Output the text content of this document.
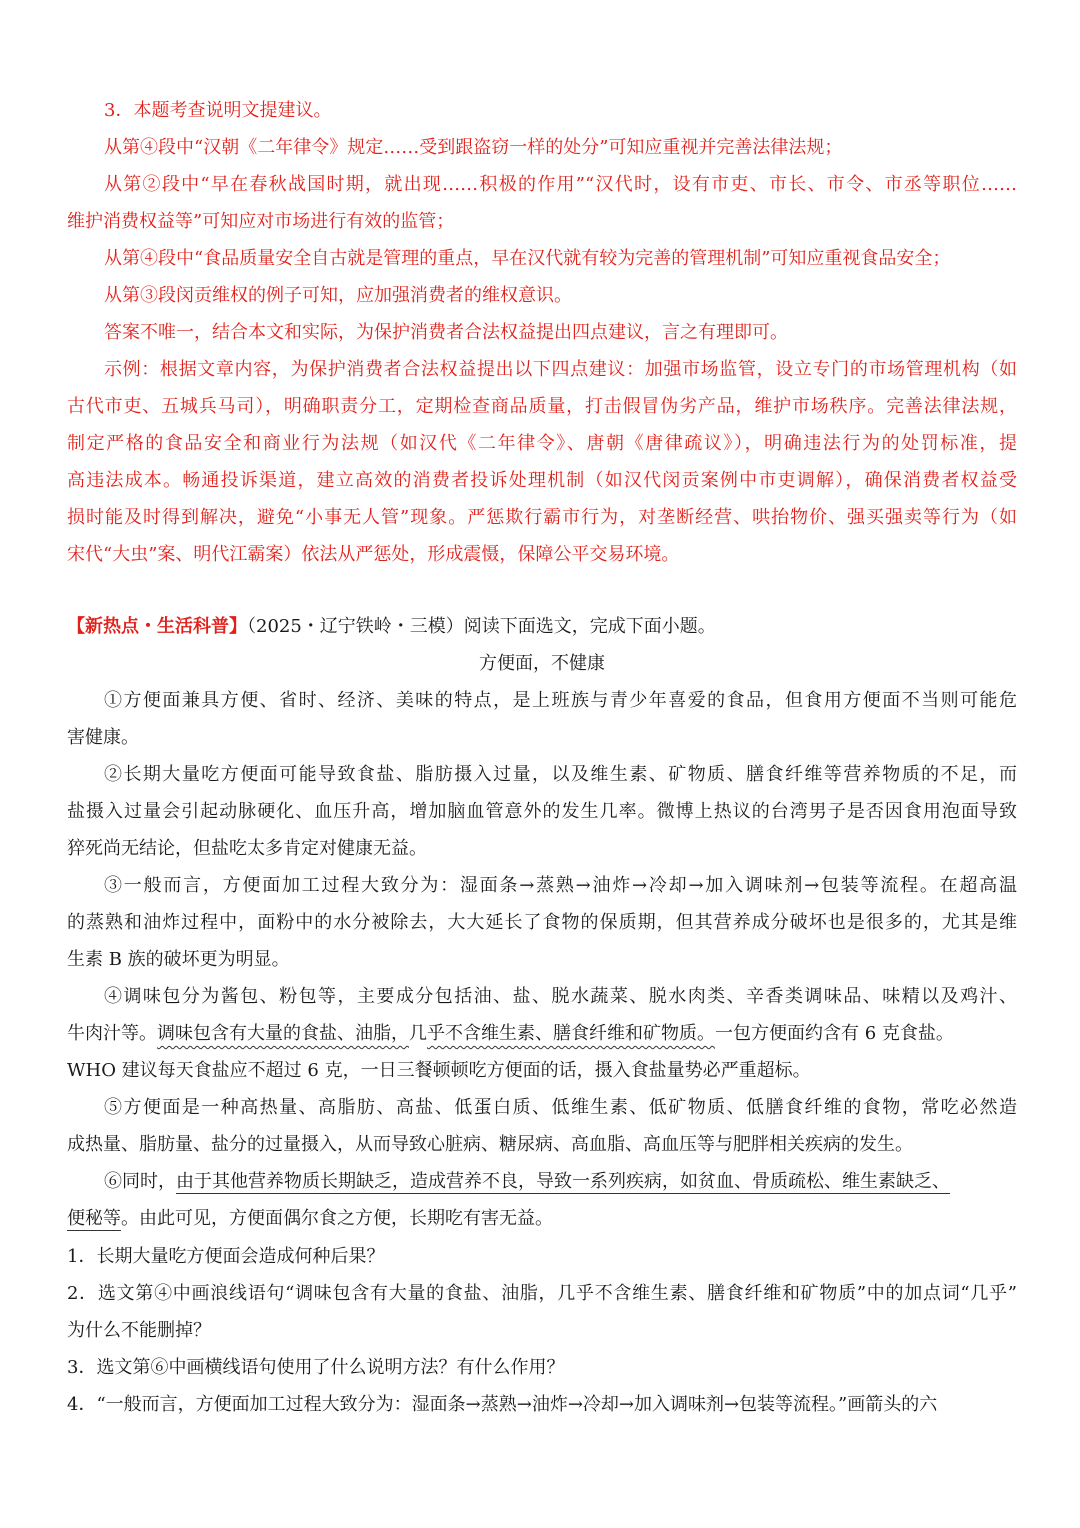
3．本题考查说明文提建议。
从第④段中“汉朝《二年律令》规定……受到跟盗窃一样的处分”可知应重视并完善法律法规；
从第②段中“早在春秋战国时期，就出现……积极的作用”“汉代时，设有市吏、市长、市令、市丞等职位……
维护消费权益等”可知应对市场进行有效的监管；
从第④段中“食品质量安全自古就是管理的重点，早在汉代就有较为完善的管理机制”可知应重视食品安全；
从第③段闵贡维权的例子可知，应加强消费者的维权意识。
答案不唯一，结合本文和实际，为保护消费者合法权益提出四点建议，言之有理即可。
示例：根据文章内容，为保护消费者合法权益提出以下四点建议：加强市场监管，设立专门的市场管理机构（如
古代市吏、五城兵马司），明确职责分工，定期检查商品质量，打击假冒伪劣产品，维护市场秩序。完善法律法规，
制定严格的食品安全和商业行为法规（如汉代《二年律令》、唐朝《唐律疏议》），明确违法行为的处罚标准，提
高违法成本。畅通投诉渠道，建立高效的消费者投诉处理机制（如汉代闵贡案例中市吏调解），确保消费者权益受
损时能及时得到解决，避免“小事无人管”现象。严惩欺行霸市行为，对垄断经营、哄抬物价、强买强卖等行为（如
宋代“大虫”案、明代江霸案）依法从严惩处，形成震慑，保障公平交易环境。
【新热点・生活科普】（2025・辽宁铁岭・三模）阅读下面选文，完成下面小题。
方便面，不健康
①方便面兼具方便、省时、经济、美味的特点，是上班族与青少年喜爱的食品，但食用方便面不当则可能危
害健康。
②长期大量吃方便面可能导致食盐、脂肪摄入过量，以及维生素、矿物质、膳食纤维等营养物质的不足，而
盐摄入过量会引起动脉硬化、血压升高，增加脑血管意外的发生几率。微博上热议的台湾男子是否因食用泡面导致
猝死尚无结论，但盐吃太多肯定对健康无益。
③一般而言，方便面加工过程大致分为：湿面条→蒸熟→油炸→冷却→加入调味剂→包装等流程。在超高温
的蒸熟和油炸过程中，面粉中的水分被除去，大大延长了食物的保质期，但其营养成分破坏也是很多的，尤其是维
生素 B 族的破坏更为明显。
④调味包分为酱包、粉包等，主要成分包括油、盐、脱水蔬菜、脱水肉类、辛香类调味品、味精以及鸡汁、
牛肉汁等。调味包含有大量的食盐、油脂，几乎不含维生素、膳食纤维和矿物质。一包方便面约含有 6 克食盐。
WHO 建议每天食盐应不超过 6 克，一日三餐顿顿吃方便面的话，摄入食盐量势必严重超标。
⑤方便面是一种高热量、高脂肪、高盐、低蛋白质、低维生素、低矿物质、低膳食纤维的食物，常吃必然造
成热量、脂肪量、盐分的过量摄入，从而导致心脏病、糖尿病、高血脂、高血压等与肥胖相关疾病的发生。
⑥同时，由于其他营养物质长期缺乏，造成营养不良，导致一系列疾病，如贫血、骨质疏松、维生素缺乏、
便秘等。由此可见，方便面偶尔食之方便，长期吃有害无益。
1．长期大量吃方便面会造成何种后果？
2．选文第④中画浪线语句“调味包含有大量的食盐、油脂，几乎不含维生素、膳食纤维和矿物质”中的加点词“几乎”
为什么不能删掉？
3．选文第⑥中画横线语句使用了什么说明方法？有什么作用？
4．“一般而言，方便面加工过程大致分为：湿面条→蒸熟→油炸→冷却→加入调味剂→包装等流程。”画箭头的六
